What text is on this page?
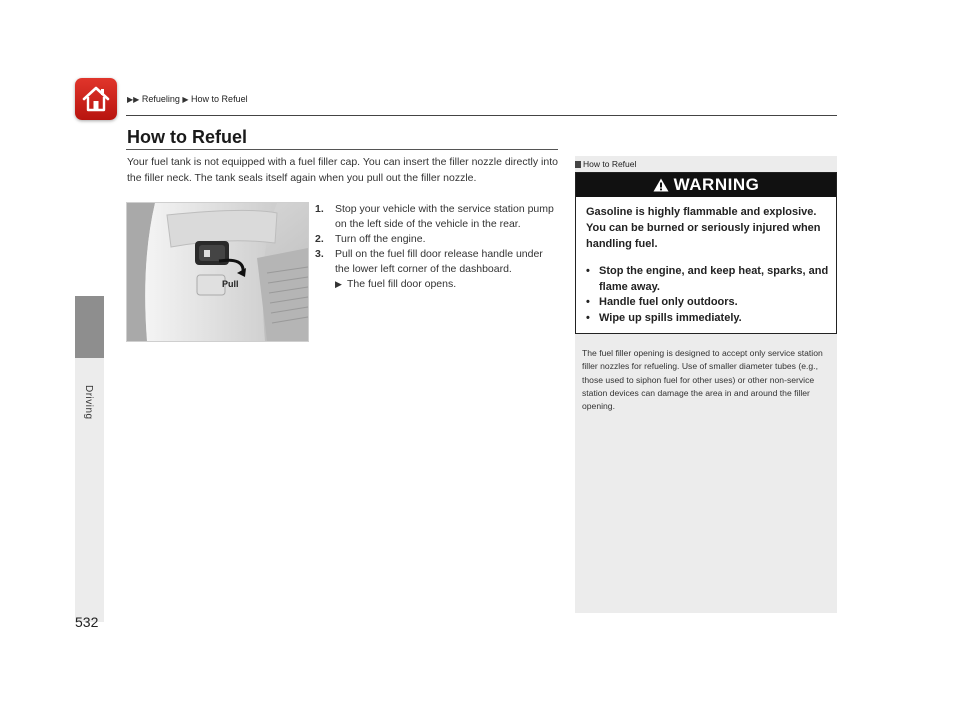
▶▶ Refueling ▶ How to Refuel
Driving
How to Refuel
Your fuel tank is not equipped with a fuel filler cap. You can insert the filler nozzle directly into the filler neck. The tank seals itself again when you pull out the filler nozzle.
Pull
1. Stop your vehicle with the service station pump on the left side of the vehicle in the rear.
2. Turn off the engine.
3. Pull on the fuel fill door release handle under the lower left corner of the dashboard.
▶ The fuel fill door opens.
How to Refuel
WARNING
Gasoline is highly flammable and explosive. You can be burned or seriously injured when handling fuel.
• Stop the engine, and keep heat, sparks, and flame away.
• Handle fuel only outdoors.
• Wipe up spills immediately.
The fuel filler opening is designed to accept only service station filler nozzles for refueling. Use of smaller diameter tubes (e.g., those used to siphon fuel for other uses) or other non-service station devices can damage the area in and around the filler opening.
532
